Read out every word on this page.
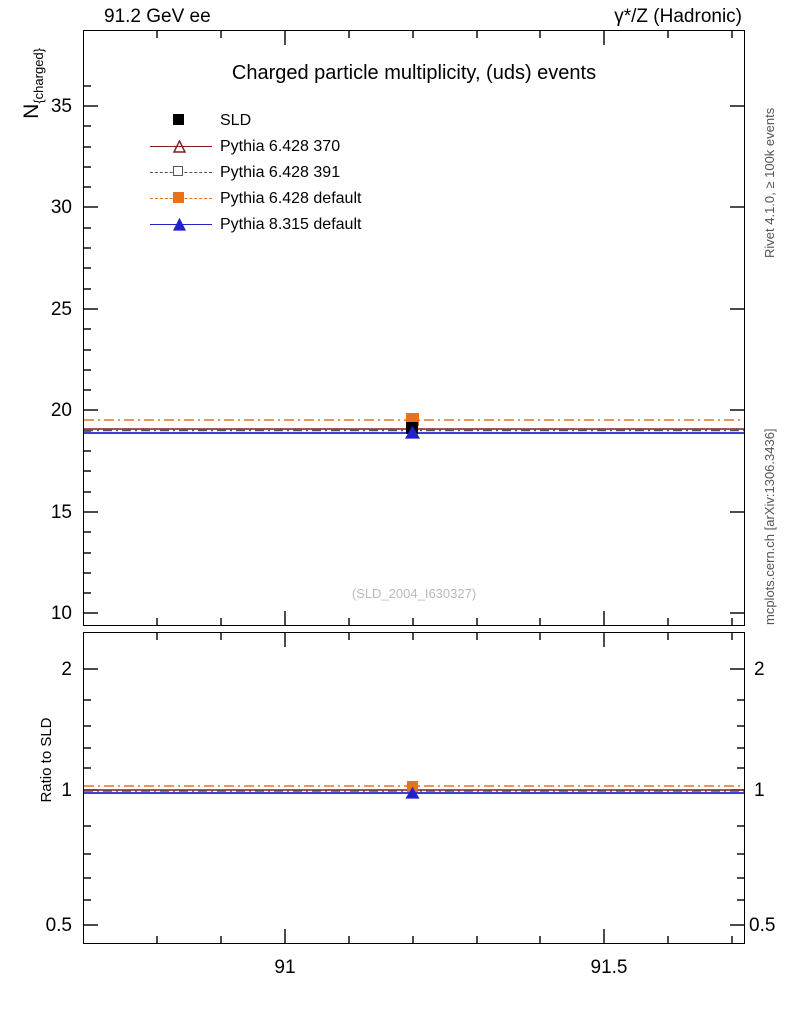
91.2 GeV ee	γ*/Z (Hadronic)
Rivet 4.1.0, ≥ 100k events
mcplots.cern.ch [arXiv:1306.3436]
Charged particle multiplicity, (uds) events
$N_{\{charged\}}$
Ratio to SLD
(SLD_2004_I630327)
SLD
Pythia 6.428 370
Pythia 6.428 391
Pythia 6.428 default
Pythia 8.315 default
35
30
25
20
15
10
2
1
0.5
2
1
0.5
91	91.5
